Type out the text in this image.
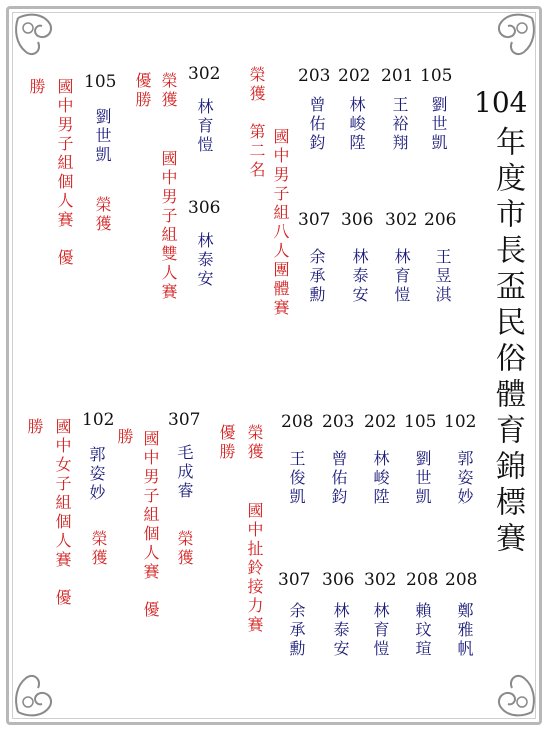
104
年度市長盃民俗體育錦標賽
榮獲　第二名
國中男子組八人團體賽
105
劉世凱
201
王裕翔
202
林峻陞
203
曾佑鈞
206
王昱淇
302
林育愷
306
林泰安
307
余承勳
302
林育愷
306
林泰安
榮獲
優勝
國中男子組雙人賽
105
劉世凱
榮獲
國中男子組個人賽　優
勝
102
郭姿妙
105
劉世凱
202
林峻陞
203
曾佑鈞
208
王俊凱
208
鄭雅帆
208
賴玟瑄
302
林育愷
306
林泰安
307
余承勳
榮獲
優勝
國中扯鈴接力賽
307
毛成睿
榮獲
國中男子組個人賽　優
勝
102
郭姿妙
榮獲
國中女子組個人賽　優
勝
